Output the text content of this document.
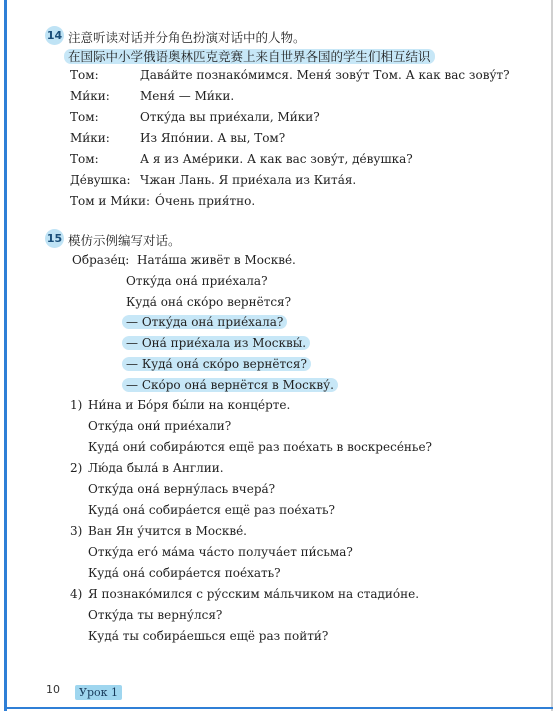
14 注意听读对话并分角色扮演对话中的人物。
在国际中小学俄语奥林匹克竞赛上来自世界各国的学生们相互结识
Том:	Дава́йте познако́мимся. Меня́ зову́т Том. А как вас зову́т?
Ми́ки:	Меня́ — Ми́ки.
Том:	Отку́да вы прие́хали, Ми́ки?
Ми́ки:	Из Япо́нии. А вы, Том?
Том:	А я из Аме́рики. А как вас зову́т, де́вушка?
Де́вушка: Чжан Лань. Я прие́хала из Кита́я.
Том и Ми́ки: Óчень прия́тно.
15 模仿示例编写对话。
Образе́ц: Ната́ша живёт в Москве́.
Отку́да она́ прие́хала?
Куда́ она́ ско́ро вернётся?
— Отку́да она́ прие́хала?
— Она́ прие́хала из Москвы́.
— Куда́ она́ ско́ро вернётся?
— Ско́ро она́ вернётся в Москву́.
1) Ни́на и Бо́ря бы́ли на конце́рте.
Отку́да они́ прие́хали?
Куда́ они́ собира́ются ещё раз пое́хать в воскресе́нье?
2) Лю́да была́ в Англии.
Отку́да она́ верну́лась вчера́?
Куда́ она́ собира́ется ещё раз пое́хать?
3) Ван Ян у́чится в Москве́.
Отку́да его́ ма́ма ча́сто получа́ет пи́сьма?
Куда́ она́ собира́ется пое́хать?
4) Я познако́мился с ру́сским ма́льчиком на стадио́не.
Отку́да ты верну́лся?
Куда́ ты собира́ешься ещё раз пойти́?
10	Урок 1
